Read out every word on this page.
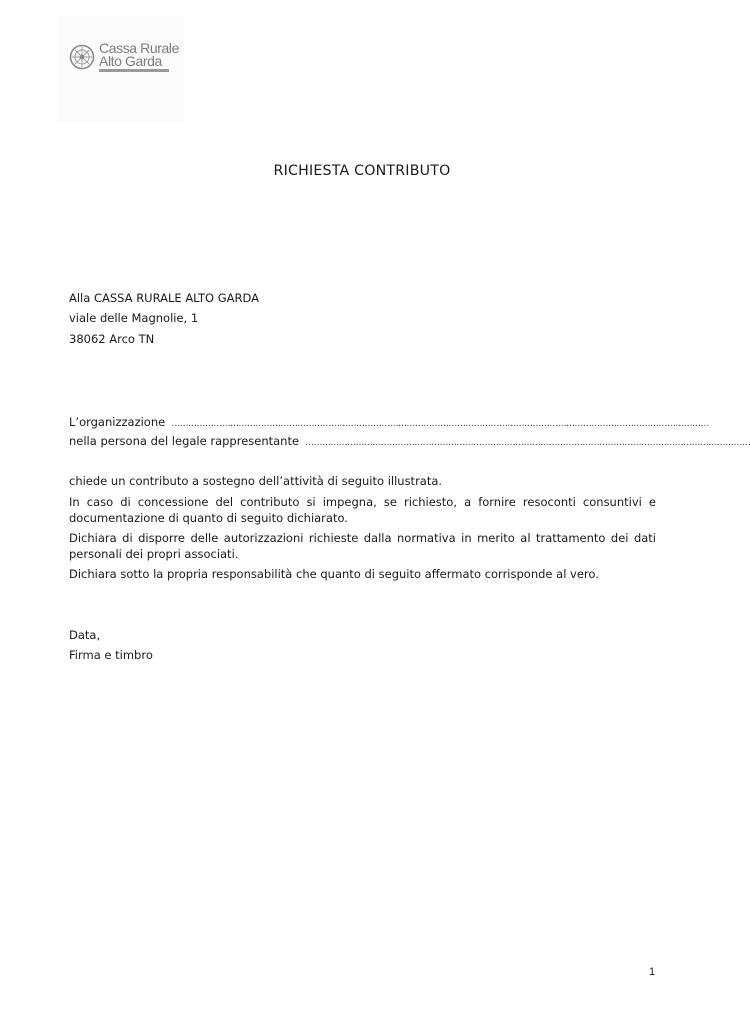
Cassa Rurale
Alto Garda
RICHIESTA CONTRIBUTO
Alla CASSA RURALE ALTO GARDA
viale delle Magnolie, 1
38062 Arco TN
L’organizzazione …………………………………………………………………………………………………………………………………………………………………………
nella persona del legale rappresentante ……………………………………………………………………………………………………………………………………………
chiede un contributo a sostegno dell’attività di seguito illustrata.
In caso di concessione del contributo si impegna, se richiesto, a fornire resoconti consuntivi e documentazione di quanto di seguito dichiarato.
Dichiara di disporre delle autorizzazioni richieste dalla normativa in merito al trattamento dei dati personali dei propri associati.
Dichiara sotto la propria responsabilità che quanto di seguito affermato corrisponde al vero.
Data,
Firma e timbro
1
